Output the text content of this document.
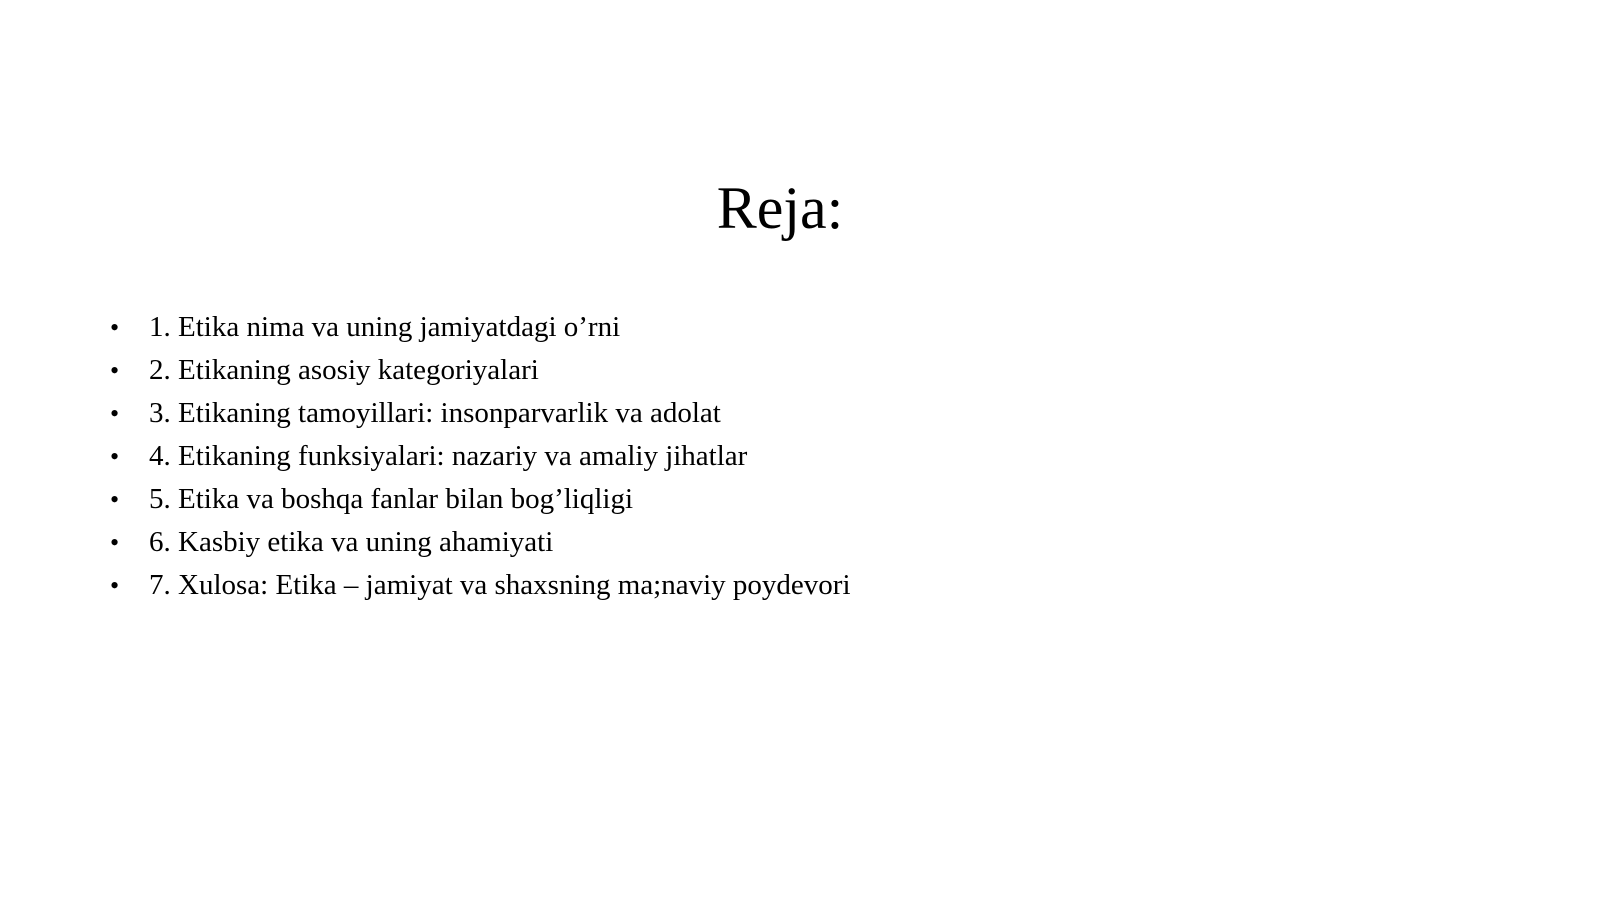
Reja:
•	1. Etika nima va uning jamiyatdagi o’rni
•	2. Etikaning asosiy kategoriyalari
•	3. Etikaning tamoyillari: insonparvarlik va adolat
•	4. Etikaning funksiyalari: nazariy va amaliy jihatlar
•	5. Etika va boshqa fanlar bilan bog’liqligi
•	6. Kasbiy etika va uning ahamiyati
•	7. Xulosa: Etika – jamiyat va shaxsning ma;naviy poydevori
